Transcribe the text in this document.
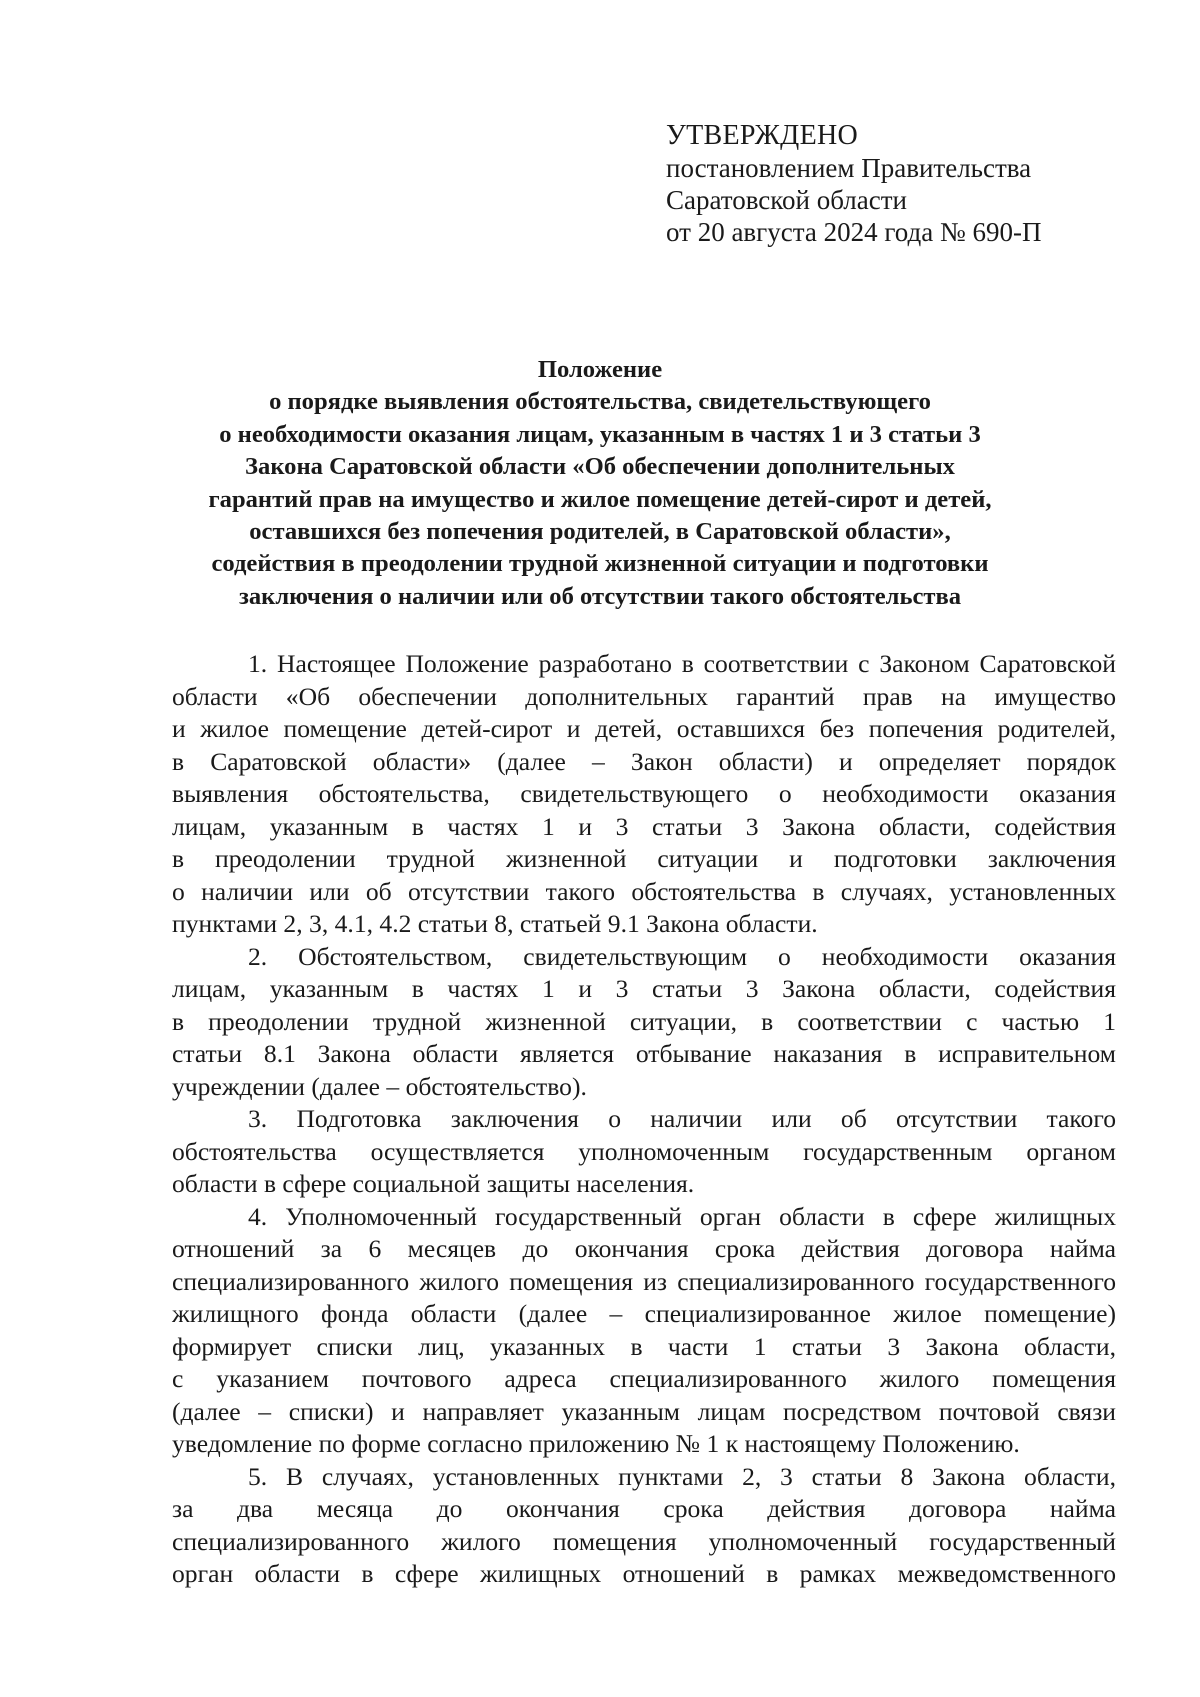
УТВЕРЖДЕНО
постановлением Правительства
Саратовской области
от 20 августа 2024 года № 690-П
Положение
о порядке выявления обстоятельства, свидетельствующего
о необходимости оказания лицам, указанным в частях 1 и 3 статьи 3
Закона Саратовской области «Об обеспечении дополнительных
гарантий прав на имущество и жилое помещение детей-сирот и детей,
оставшихся без попечения родителей, в Саратовской области»,
содействия в преодолении трудной жизненной ситуации и подготовки
заключения о наличии или об отсутствии такого обстоятельства
1. Настоящее Положение разработано в соответствии с Законом Саратовской
области «Об обеспечении дополнительных гарантий прав на имущество
и жилое помещение детей-сирот и детей, оставшихся без попечения родителей,
в Саратовской области» (далее – Закон области) и определяет порядок
выявления обстоятельства, свидетельствующего о необходимости оказания
лицам, указанным в частях 1 и 3 статьи 3 Закона области, содействия
в преодолении трудной жизненной ситуации и подготовки заключения
о наличии или об отсутствии такого обстоятельства в случаях, установленных
пунктами 2, 3, 4.1, 4.2 статьи 8, статьей 9.1 Закона области.
2. Обстоятельством, свидетельствующим о необходимости оказания
лицам, указанным в частях 1 и 3 статьи 3 Закона области, содействия
в преодолении трудной жизненной ситуации, в соответствии с частью 1
статьи 8.1 Закона области является отбывание наказания в исправительном
учреждении (далее – обстоятельство).
3. Подготовка заключения о наличии или об отсутствии такого
обстоятельства осуществляется уполномоченным государственным органом
области в сфере социальной защиты населения.
4. Уполномоченный государственный орган области в сфере жилищных
отношений за 6 месяцев до окончания срока действия договора найма
специализированного жилого помещения из специализированного государственного
жилищного фонда области (далее – специализированное жилое помещение)
формирует списки лиц, указанных в части 1 статьи 3 Закона области,
с указанием почтового адреса специализированного жилого помещения
(далее – списки) и направляет указанным лицам посредством почтовой связи
уведомление по форме согласно приложению № 1 к настоящему Положению.
5. В случаях, установленных пунктами 2, 3 статьи 8 Закона области,
за два месяца до окончания срока действия договора найма
специализированного жилого помещения уполномоченный государственный
орган области в сфере жилищных отношений в рамках межведомственного
